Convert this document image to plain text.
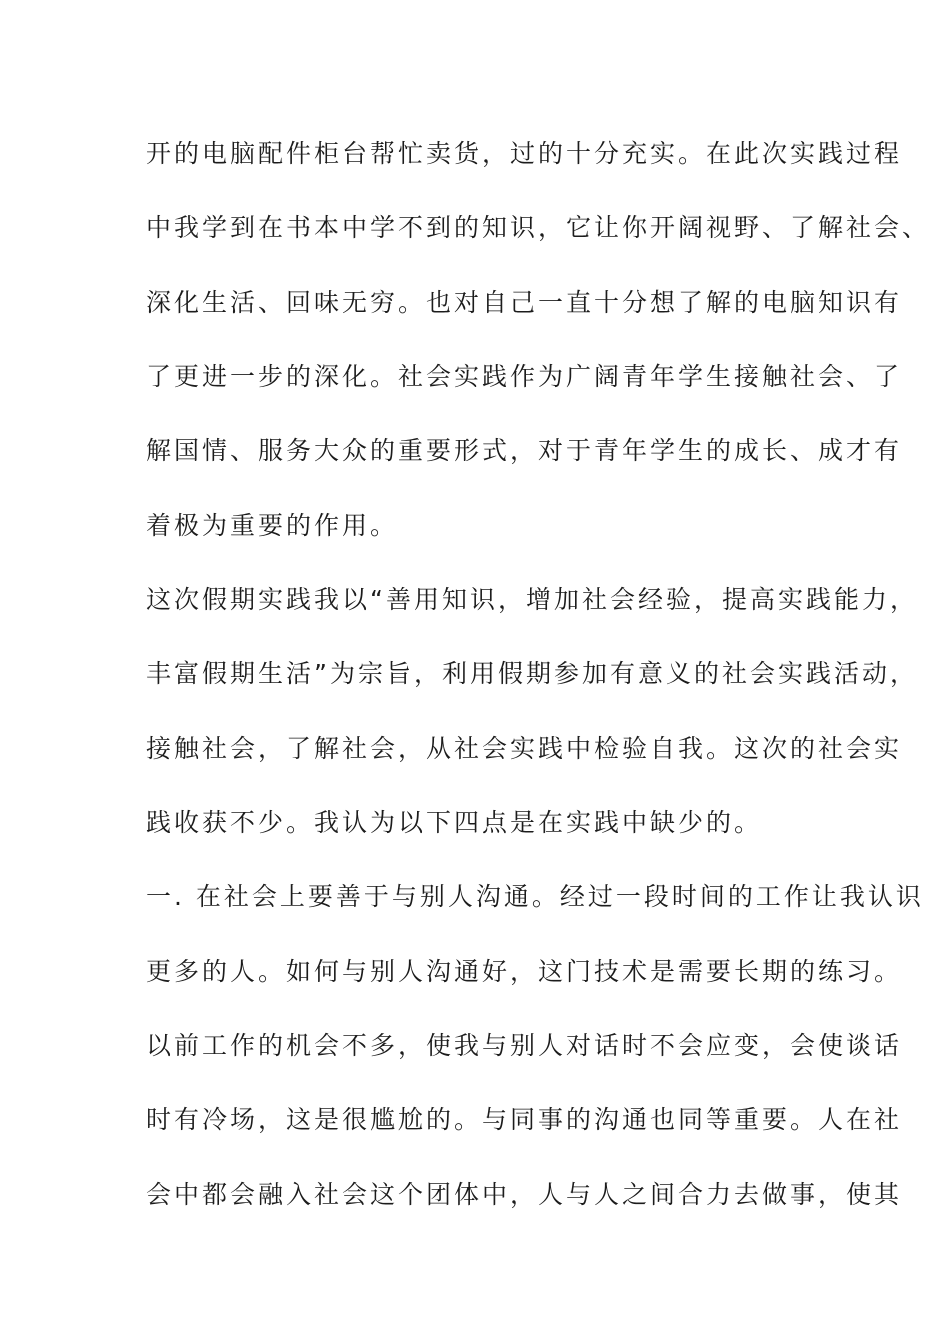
开的电脑配件柜台帮忙卖货，过的十分充实。在此次实践过程

中我学到在书本中学不到的知识，它让你开阔视野、了解社会、

深化生活、回味无穷。也对自己一直十分想了解的电脑知识有

了更进一步的深化。社会实践作为广阔青年学生接触社会、了

解国情、服务大众的重要形式，对于青年学生的成长、成才有

着极为重要的作用。

这次假期实践我以“善用知识，增加社会经验，提高实践能力，

丰富假期生活”为宗旨，利用假期参加有意义的社会实践活动，

接触社会，了解社会，从社会实践中检验自我。这次的社会实

践收获不少。我认为以下四点是在实践中缺少的。

一. 在社会上要善于与别人沟通。经过一段时间的工作让我认识

更多的人。如何与别人沟通好，这门技术是需要长期的练习。

以前工作的机会不多，使我与别人对话时不会应变，会使谈话

时有冷场，这是很尴尬的。与同事的沟通也同等重要。人在社

会中都会融入社会这个团体中，人与人之间合力去做事，使其
